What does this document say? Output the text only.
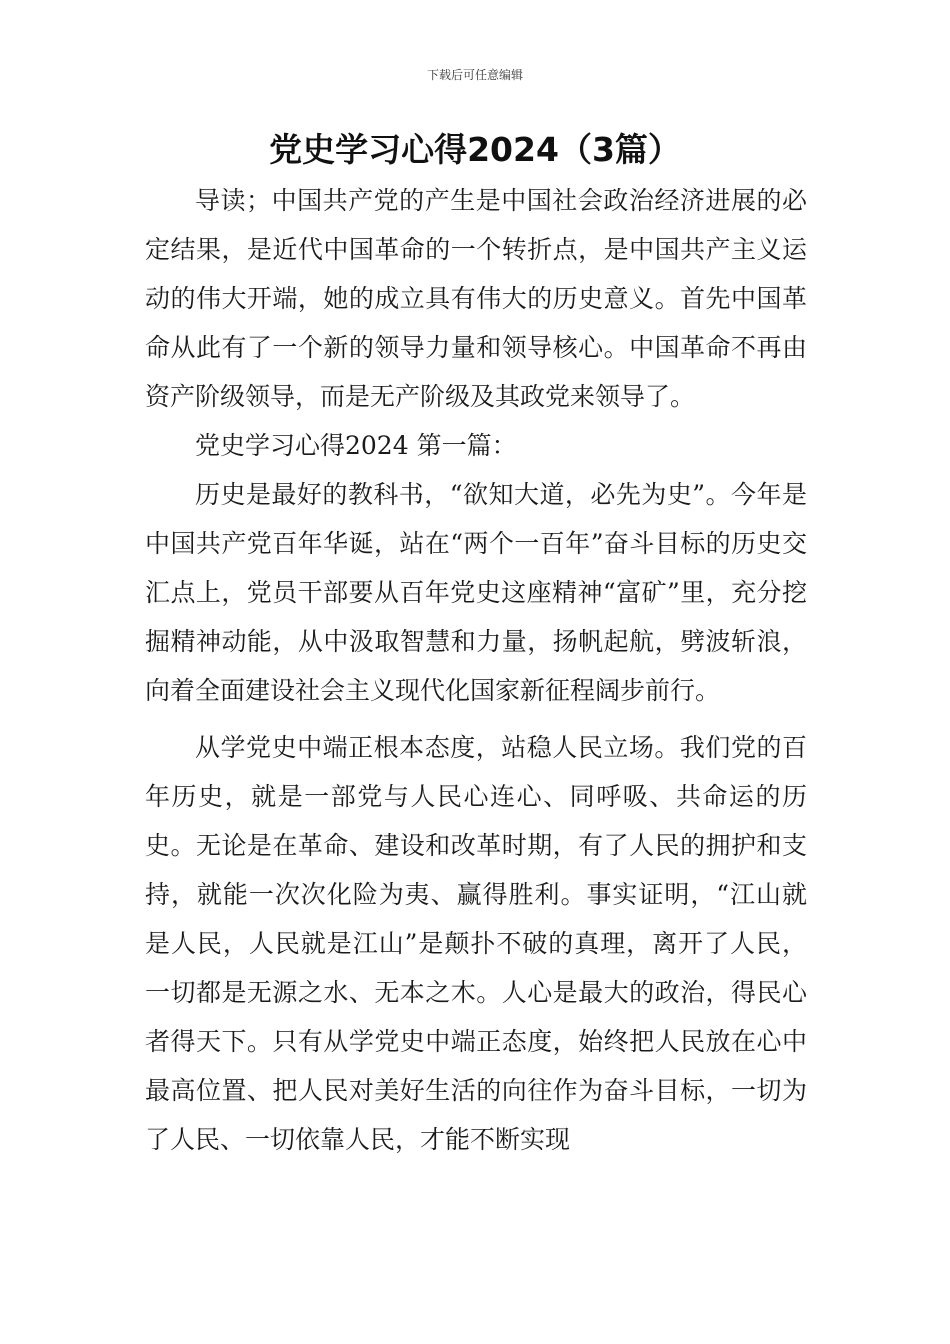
下载后可任意编辑
党史学习心得2024（3篇）

导读；中国共产党的产生是中国社会政治经济进展的必定结果，是近代中国革命的一个转折点，是中国共产主义运动的伟大开端，她的成立具有伟大的历史意义。首先中国革命从此有了一个新的领导力量和领导核心。中国革命不再由资产阶级领导，而是无产阶级及其政党来领导了。

党史学习心得2024 第一篇：

历史是最好的教科书，“欲知大道，必先为史”。今年是中国共产党百年华诞，站在“两个一百年”奋斗目标的历史交汇点上，党员干部要从百年党史这座精神“富矿”里，充分挖掘精神动能，从中汲取智慧和力量，扬帆起航，劈波斩浪，向着全面建设社会主义现代化国家新征程阔步前行。

从学党史中端正根本态度，站稳人民立场。我们党的百年历史，就是一部党与人民心连心、同呼吸、共命运的历史。无论是在革命、建设和改革时期，有了人民的拥护和支持，就能一次次化险为夷、赢得胜利。事实证明，“江山就是人民，人民就是江山”是颠扑不破的真理，离开了人民，一切都是无源之水、无本之木。人心是最大的政治，得民心者得天下。只有从学党史中端正态度，始终把人民放在心中最高位置、把人民对美好生活的向往作为奋斗目标，一切为了人民、一切依靠人民，才能不断实现
